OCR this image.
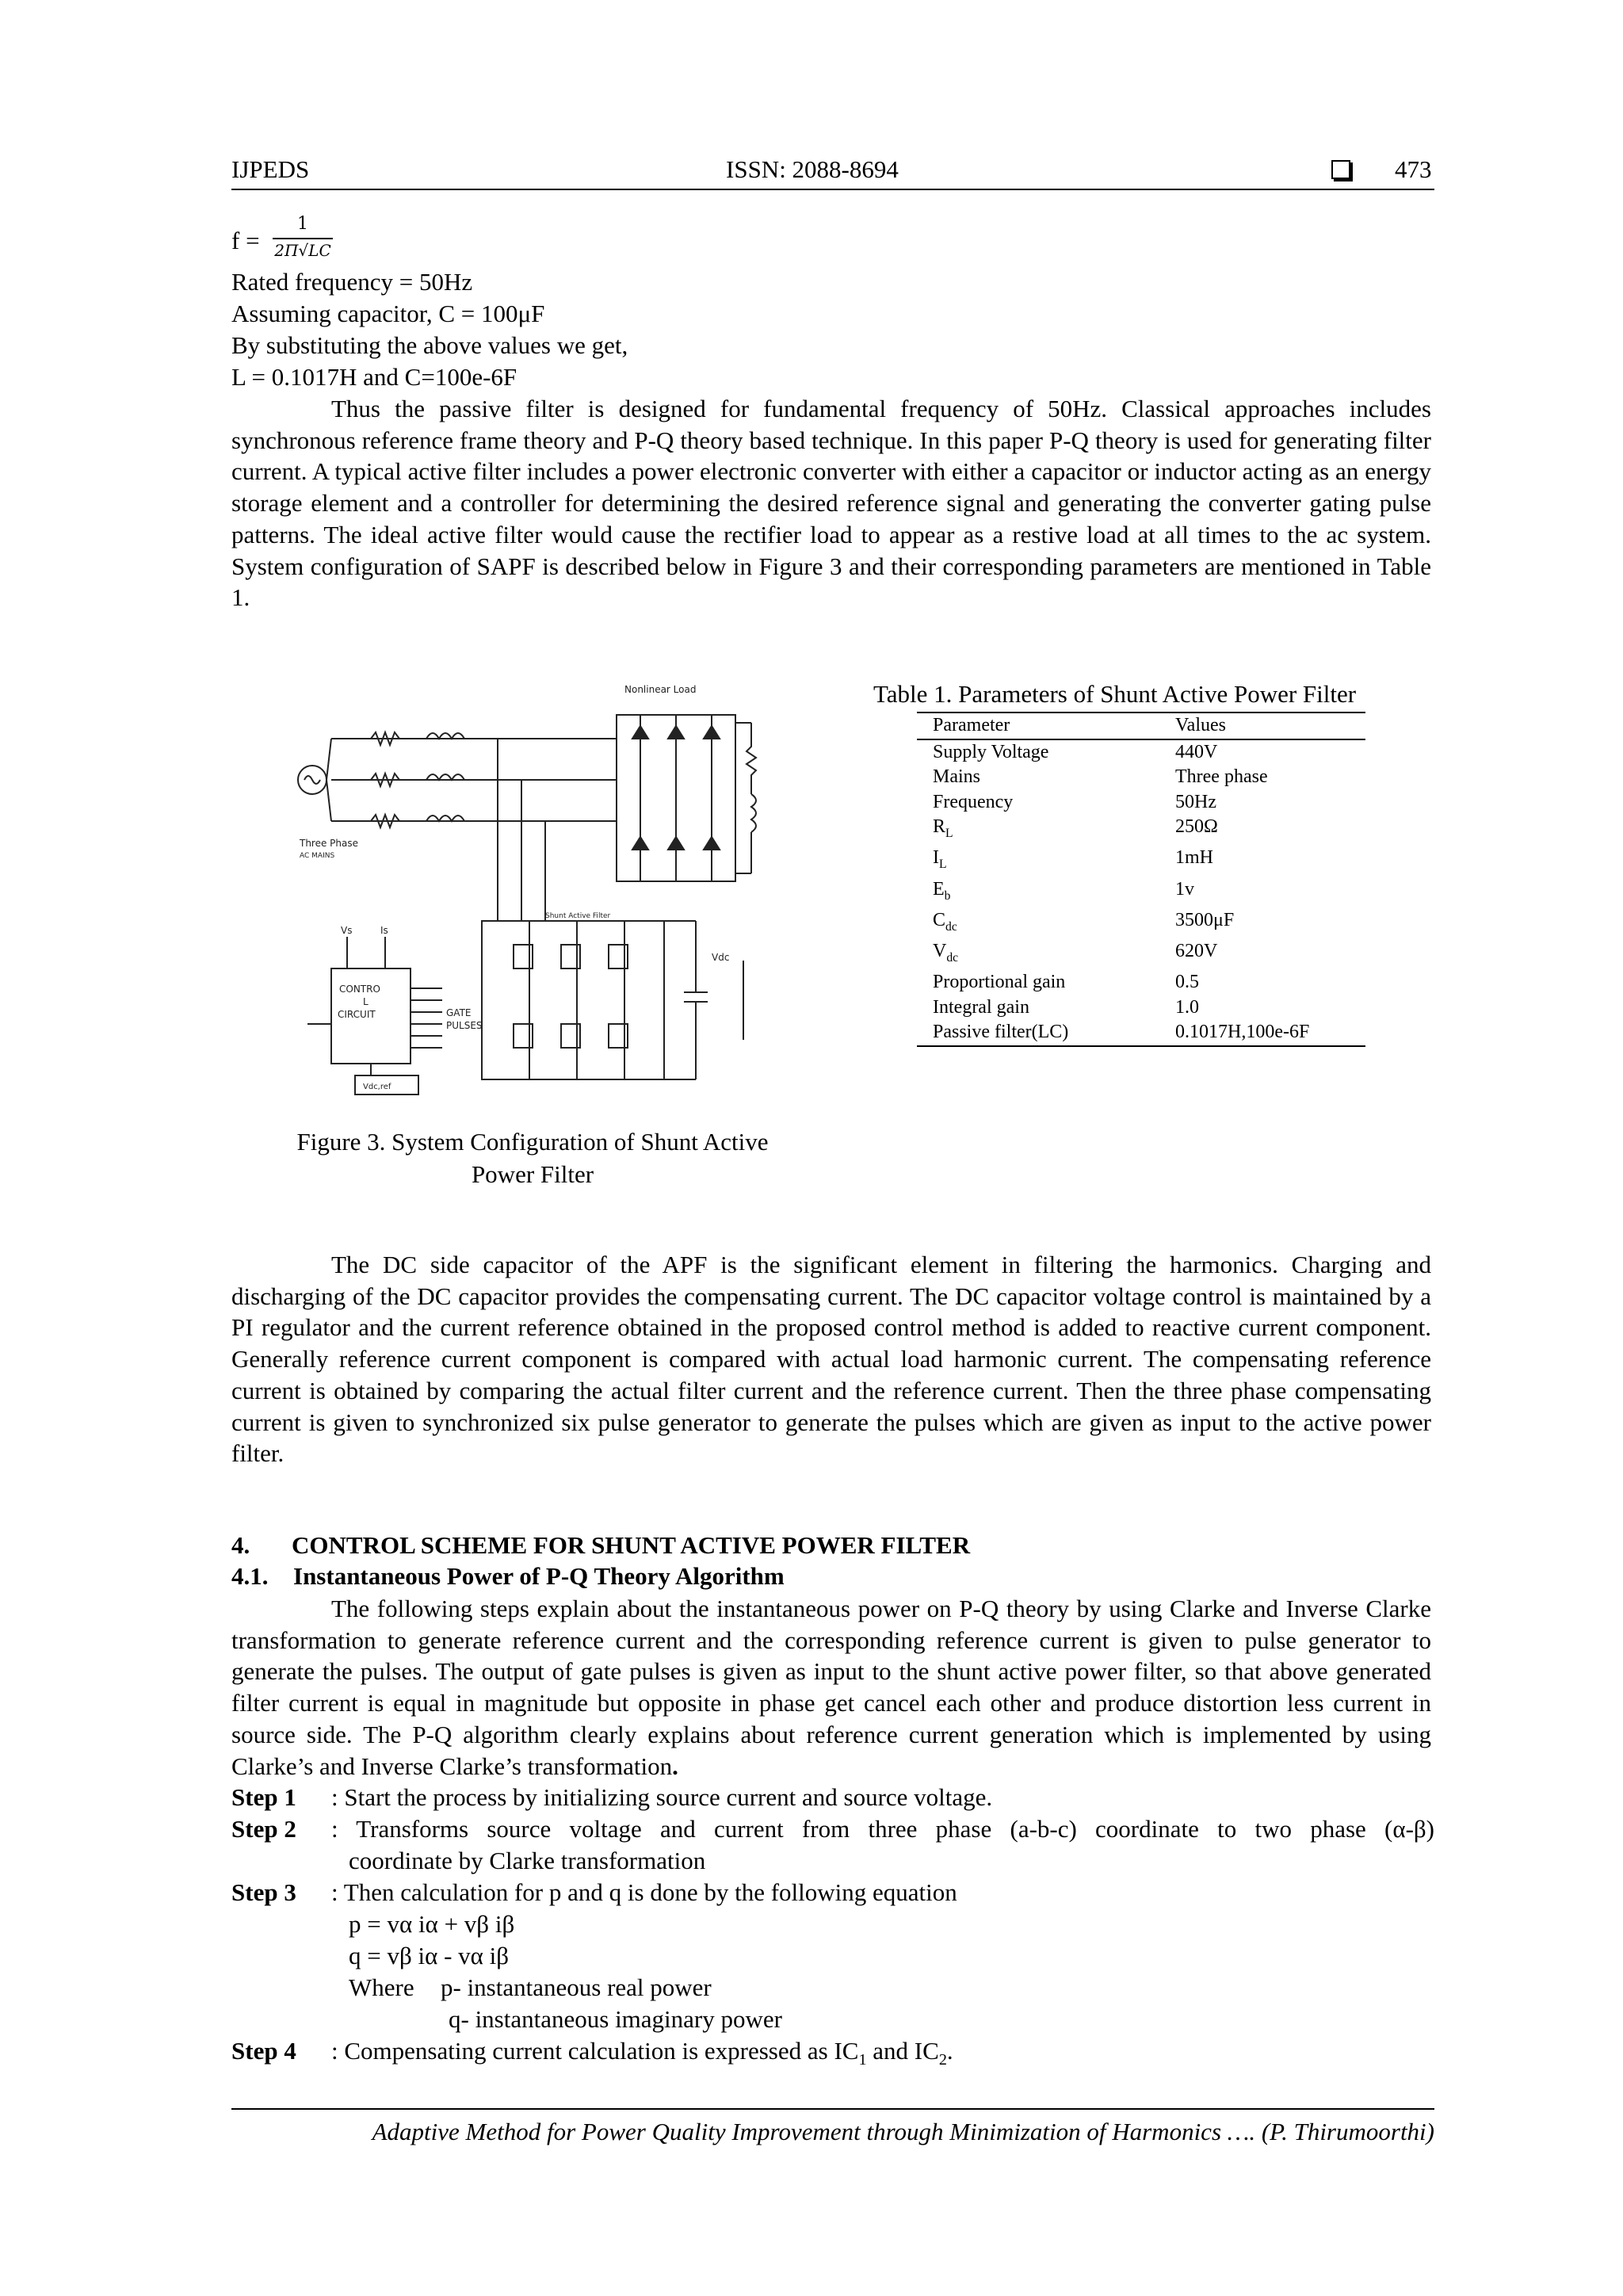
IJPEDS	ISSN: 2088-8694	473
f =
1
2Π√LC
Rated frequency = 50Hz
Assuming capacitor, C = 100μF
By substituting the above values we get,
L = 0.1017H and C=100e-6F

Thus the passive filter is designed for fundamental frequency of 50Hz. Classical approaches includes synchronous reference frame theory and P-Q theory based technique. In this paper P-Q theory is used for generating filter current. A typical active filter includes a power electronic converter with either a capacitor or inductor acting as an energy storage element and a controller for determining the desired reference signal and generating the converter gating pulse patterns. The ideal active filter would cause the rectifier load to appear as a restive load at all times to the ac system. System configuration of SAPF is described below in Figure 3 and their corresponding parameters are mentioned in Table 1.

Nonlinear Load
Three Phase
AC MAINS
CONTRO
L
CIRCUIT	GATE
PULSES
Shunt Active Filter
Vdc
Vdc,ref
Vs	Is
Figure 3. System Configuration of Shunt Active
Power Filter
Table 1. Parameters of Shunt Active Power Filter
Parameter	Values
Supply Voltage	440V
Mains	Three phase
Frequency	50Hz
$R_L$	250Ω
$I_L$	1mH
$E_b$	1v
$C_{dc}$	3500μF
$V_{dc}$	620V
Proportional gain	0.5
Integral gain	1.0
Passive filter(LC)	0.1017H,100e-6F

The DC side capacitor of the APF is the significant element in filtering the harmonics. Charging and discharging of the DC capacitor provides the compensating current. The DC capacitor voltage control is maintained by a PI regulator and the current reference obtained in the proposed control method is added to reactive current component. Generally reference current component is compared with actual load harmonic current. The compensating reference current is obtained by comparing the actual filter current and the reference current. Then the three phase compensating current is given to synchronized six pulse generator to generate the pulses which are given as input to the active power filter.

4. CONTROL SCHEME FOR SHUNT ACTIVE POWER FILTER
4.1. Instantaneous Power of P-Q Theory Algorithm

The following steps explain about the instantaneous power on P-Q theory by using Clarke and Inverse Clarke transformation to generate reference current and the corresponding reference current is given to pulse generator to generate the pulses. The output of gate pulses is given as input to the shunt active power filter, so that above generated filter current is equal in magnitude but opposite in phase get cancel each other and produce distortion less current in source side. The P-Q algorithm clearly explains about reference current generation which is implemented by using Clarke’s and Inverse Clarke’s transformation.

Step 1 : Start the process by initializing source current and source voltage.
Step 2 : Transforms source voltage and current from three phase (a-b-c) coordinate to two phase (α-β)
coordinate by Clarke transformation
Step 3 : Then calculation for p and q is done by the following equation
p = vα iα + vβ iβ
q = vβ iα - vα iβ
Where p- instantaneous real power
q- instantaneous imaginary power
Step 4 : Compensating current calculation is expressed as $IC_1$ and $IC_2$.
Adaptive Method for Power Quality Improvement through Minimization of Harmonics …. (P. Thirumoorthi)
